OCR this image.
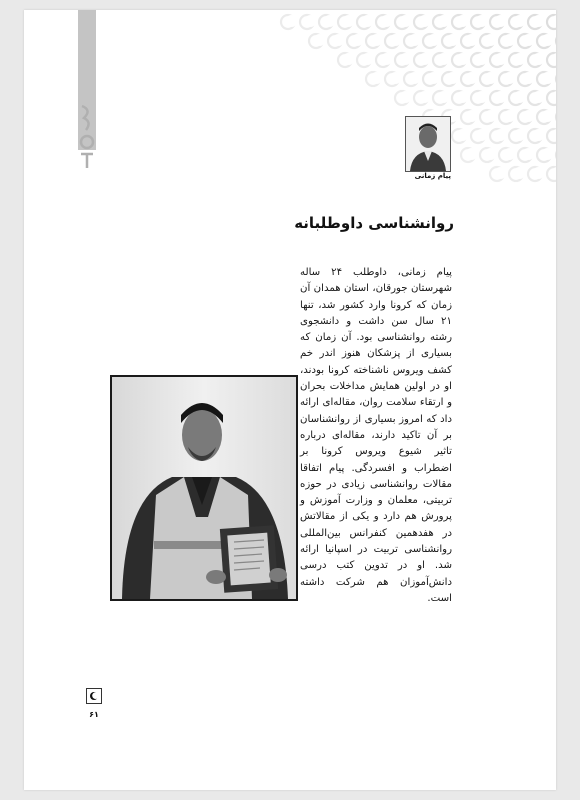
پیام زمانی
روانشناسی داوطلبانه
پیام زمانی، داوطلب ۲۴ ساله شهرستان جورقان، استان همدان آن زمان که کرونا وارد کشور شد، تنها ۲۱ سال سن داشت و دانشجوی رشته روانشناسی بود. آن زمان که بسیاری از پزشکان هنوز اندر خم کشف ویروس ناشناخته کرونا بودند، او در اولین همایش مداخلات بحران و ارتقاء سلامت روان، مقاله‌ای ارائه داد که امروز بسیاری از روانشناسان بر آن تاکید دارند، مقاله‌ای درباره تاثیر شیوع ویروس کرونا بر اضطراب و افسردگی. پیام اتفاقا مقالات روانشناسی زیادی در حوزه تربیتی، معلمان و وزارت آموزش و پرورش هم دارد و یکی از مقالاتش در هفدهمین کنفرانس بین‌المللی روانشناسی تربیت در اسپانیا ارائه شد. او در تدوین کتب درسی دانش‌آموزان هم شرکت داشته است.
۶۱
